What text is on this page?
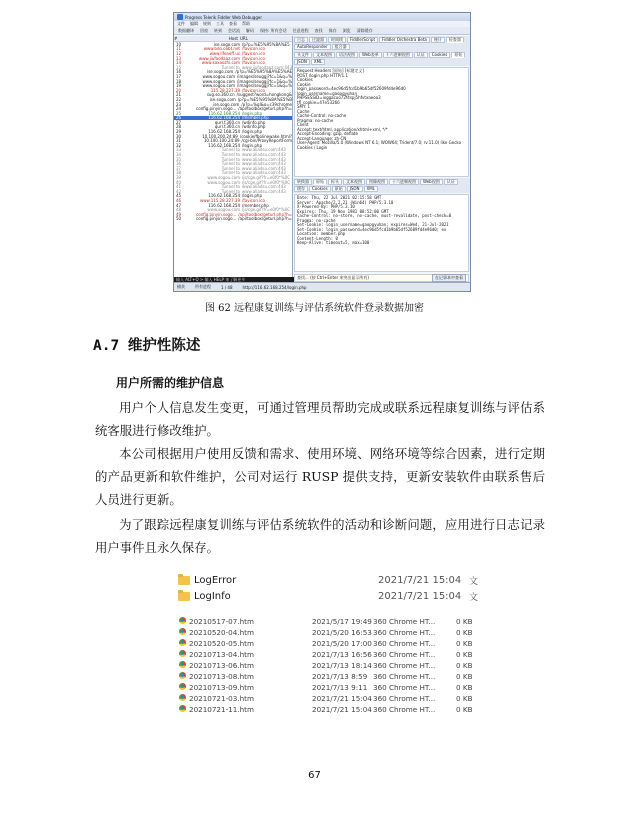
Progress Telerik Fiddler Web Debugger
文件 编辑 规则 工具 查看 帮助
数据翻译 回放 转到 会话流 解码 保持: 所有会话 任意进程 查找 保存 浏览 清除缓存
#	Host URL
10	ise.sogo.com /p?p=%E5%95%8A%E5
11	www.bdo.oabt.net /favicon.ico
12	www.lifeaeff.us /favicon.ico
13	www.jiufaodaaz.com /favicon.ico
14	www.kaxaozhi.com /favicon.ico
15	Tunnel to www.jiufaodaaz.com:443
16	ise.sogo.com /p?p=%E5%95%8A%E5%AE
17	www.sogou.com /images/seuggj?fc=1&q=%
18	www.sogou.com /images/seuggj?fc=1&q=%
19	www.sogou.com /images/seuggj?fc=1&q=%
20	115.28.227.39 /favicon.ico
21	sug.so.360.cn /suggest?word=hongkong&
22	ise.sogo.com /p?p=%E5%95%8A%E5%B
23	ise.sogo.com /p?p=%gl&o=c39chrome
24	config.pinyin.sogo... /api/toolbox/geturl.php?h=
25	116.62.168.254 /login.php
26	116.62.168.254 /member.php
27	qurl.f.360.cn /wdinfo.php
28	qurl.f.360.cn /wdinfo.php
29	116.62.168.254 /login.php
30	10.100.200.24:89 /cookie/fbolinewake.html?
31	10.100.100.24:89 /cgi-bin/ProxyReportForm
32	116.62.168.254 /login.php
33	Tunnel to www.aliadsu.com:443
34	Tunnel to www.aliadsu.com:443
35	Tunnel to www.aliadsu.com:443
36	Tunnel to www.aliadsu.com:443
37	Tunnel to www.aliadsu.com:443
38	Tunnel to www.aliadsu.com:443
39	www.sogou.com /js/cge.gif?fr=e0f0*%0C
40	www.sogou.com /js/cge.gif?fr=e0f0*%0C
41	Tunnel to www.aliadsu.com:443
42	Tunnel to www.aliadsu.com:443
45	116.62.168.254 /login.php
46	www.115.28.227.39 /favicon.ico
47	116.62.168.254 /member.php
48	www.sogou.com /js/cge.gif?fr=e0f0*%0C
49	config.pinyin.sogo... /api/toolbox/geturl.php?h=
50	config.pinyin.sogo... /api/toolbox/geturl.php?h=
日志	过滤器	时间线	FiddlerScript	Fiddler Orchestra Beta	统计	检查器
AutoResponder	组合器
头文件	文本视图	语法视图	Web表单	十六进制视图	认证	Cookies	原始
JSON	XML
Request Headers [原始] [标题定义]
POST /login.php HTTP/1.1
Cookies
Cookie
login_password=4ec96d5fcd1b9b65df52609fd4e96d0
login_username=gaopgyuhan
PHPSESSID=ixggacuo72f4spj5hfvtxaeoa3
tfl_cookie=47e53266
SMY: 1
Cache
Cache-Control: no-cache
Pragma: no-cache
Client
Accept: text/html, application/xhtml+xml, */*
Accept-Encoding: gzip, deflate
Accept-Language: zh-CN
User-Agent: Mozilla/5.0 (Windows NT 6.1; WOW64; Trident/7.0; rv:11.0) like Gecko
Cookies / Login
转换器	原始	标头	文本视图	图像视图	十六进制视图	Web视图	认证
缓存	Cookies	原始	JSON	XML
Date: Thu, 22 Jul 2021 02:15:58 GMT
Server: Apache/2.2.21 (Win64) PHP/5.3.10
X-Powered-By: PHP/5.3.10
Expires: Thu, 19 Nov 1981 08:52:00 GMT
Cache-Control: no-store, no-cache, must-revalidate, post-check=0
Pragma: no-cache
Set-Cookie: login_username=gaopgyuhan; expires=Wed, 21-Jul-2021
Set-Cookie: login_password=4ec96d5fcd1b9b65df52609fd4e96d0; ex
Location: member.php
Content-Length: 0
Keep-Alive: timeout=5, max=100
查找... (按 Ctrl+Enter 来突出显示所有)	在记事本中查看
输入 ALT+Q > 输入 HELP 来了解更多
捕获	所有进程	1 / 48	http://116.62.168.254/login.php
图 62 远程康复训练与评估系统软件登录数据加密
A.7 维护性陈述
用户所需的维护信息
用户个人信息发生变更，可通过管理员帮助完成或联系远程康复训练与评估系统客服进行修改维护。
本公司根据用户使用反馈和需求、使用环境、网络环境等综合因素，进行定期的产品更新和软件维护，公司对运行 RUSP 提供支持，更新安装软件由联系售后人员进行更新。
为了跟踪远程康复训练与评估系统软件的活动和诊断问题，应用进行日志记录用户事件且永久保存。
LogError	2021/7/21 15:04 文
LogInfo	2021/7/21 15:04 文
20210517-07.htm	2021/5/17 19:49 360 Chrome HT...	0 KB
20210520-04.htm	2021/5/20 16:53 360 Chrome HT...	0 KB
20210520-05.htm	2021/5/20 17:00 360 Chrome HT...	0 KB
20210713-04.htm	2021/7/13 16:56 360 Chrome HT...	0 KB
20210713-06.htm	2021/7/13 18:14 360 Chrome HT...	0 KB
20210713-08.htm	2021/7/13 8:59 360 Chrome HT...	0 KB
20210713-09.htm	2021/7/13 9:11 360 Chrome HT...	0 KB
20210721-03.htm	2021/7/21 15:04 360 Chrome HT...	0 KB
20210721-11.htm	2021/7/21 15:04 360 Chrome HT...	0 KB
67
